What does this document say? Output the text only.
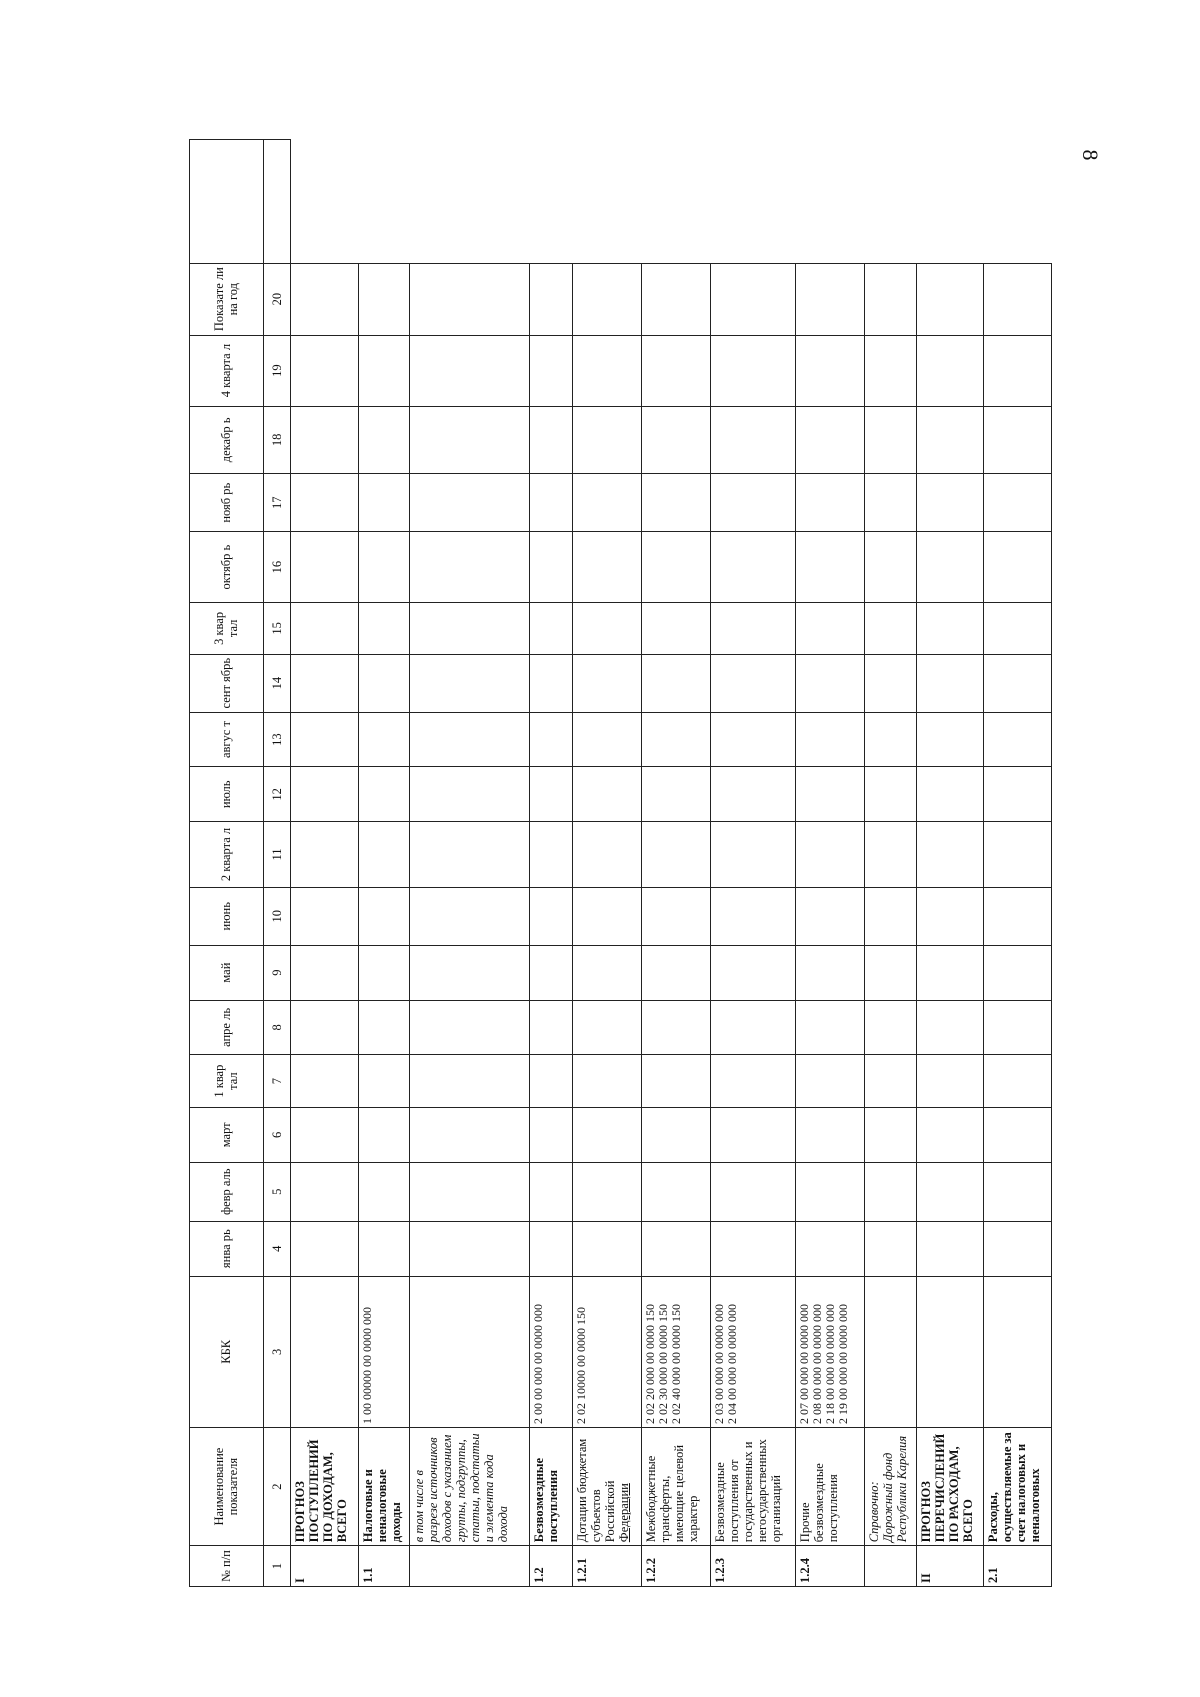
8
№ п/п	Наименование показателя	КБК	янва рь	февр аль	март	1 квар тал	апре ль	май	июнь	2 кварта л	июль	авгус т	сент ябрь	3 квар тал	октябр ь	нояб рь	декабр ь	4 кварта л	Показате ли на год	
1	2	3	4	5	6	7	8	9	10	11	12	13	14	15	16	17	18	19	20	
I	ПРОГНОЗ ПОСТУПЛЕНИЙ ПО ДОХОДАМ, ВСЕГО																			
1.1	Налоговые и неналоговые доходы	1 00 00000 00 0000 000																		
	в том числе в разрезе источников доходов с указанием группы, подгруппы, статьи, подстатьи и элемента кода дохода																			
1.2	Безвозмездные поступления	2 00 00 000 00 0000 000																		
1.2.1	Дотации бюджетам субъектов Российской Федерации	2 02 10000 00 0000 150																		
1.2.2	Межбюджетные трансферты, имеющие целевой характер	2 02 20 000 00 0000 150 2 02 30 000 00 0000 150 2 02 40 000 00 0000 150																		

1.2.3	Безвозмездные поступления от государственных и негосударственных организаций	2 03 00 000 00 0000 000 2 04 00 000 00 0000 000																		

1.2.4	Прочие безвозмездные поступления	2 07 00 000 00 0000 000 2 08 00 000 00 0000 000 2 18 00 000 00 0000 000 2 19 00 000 00 0000 000																		

	Справочно: Дорожный фонд Республики Карелия																			
II	ПРОГНОЗ ПЕРЕЧИСЛЕНИЙ ПО РАСХОДАМ, ВСЕГО																			
2.1	Расходы, осуществляемые за счет налоговых и неналоговых																			
